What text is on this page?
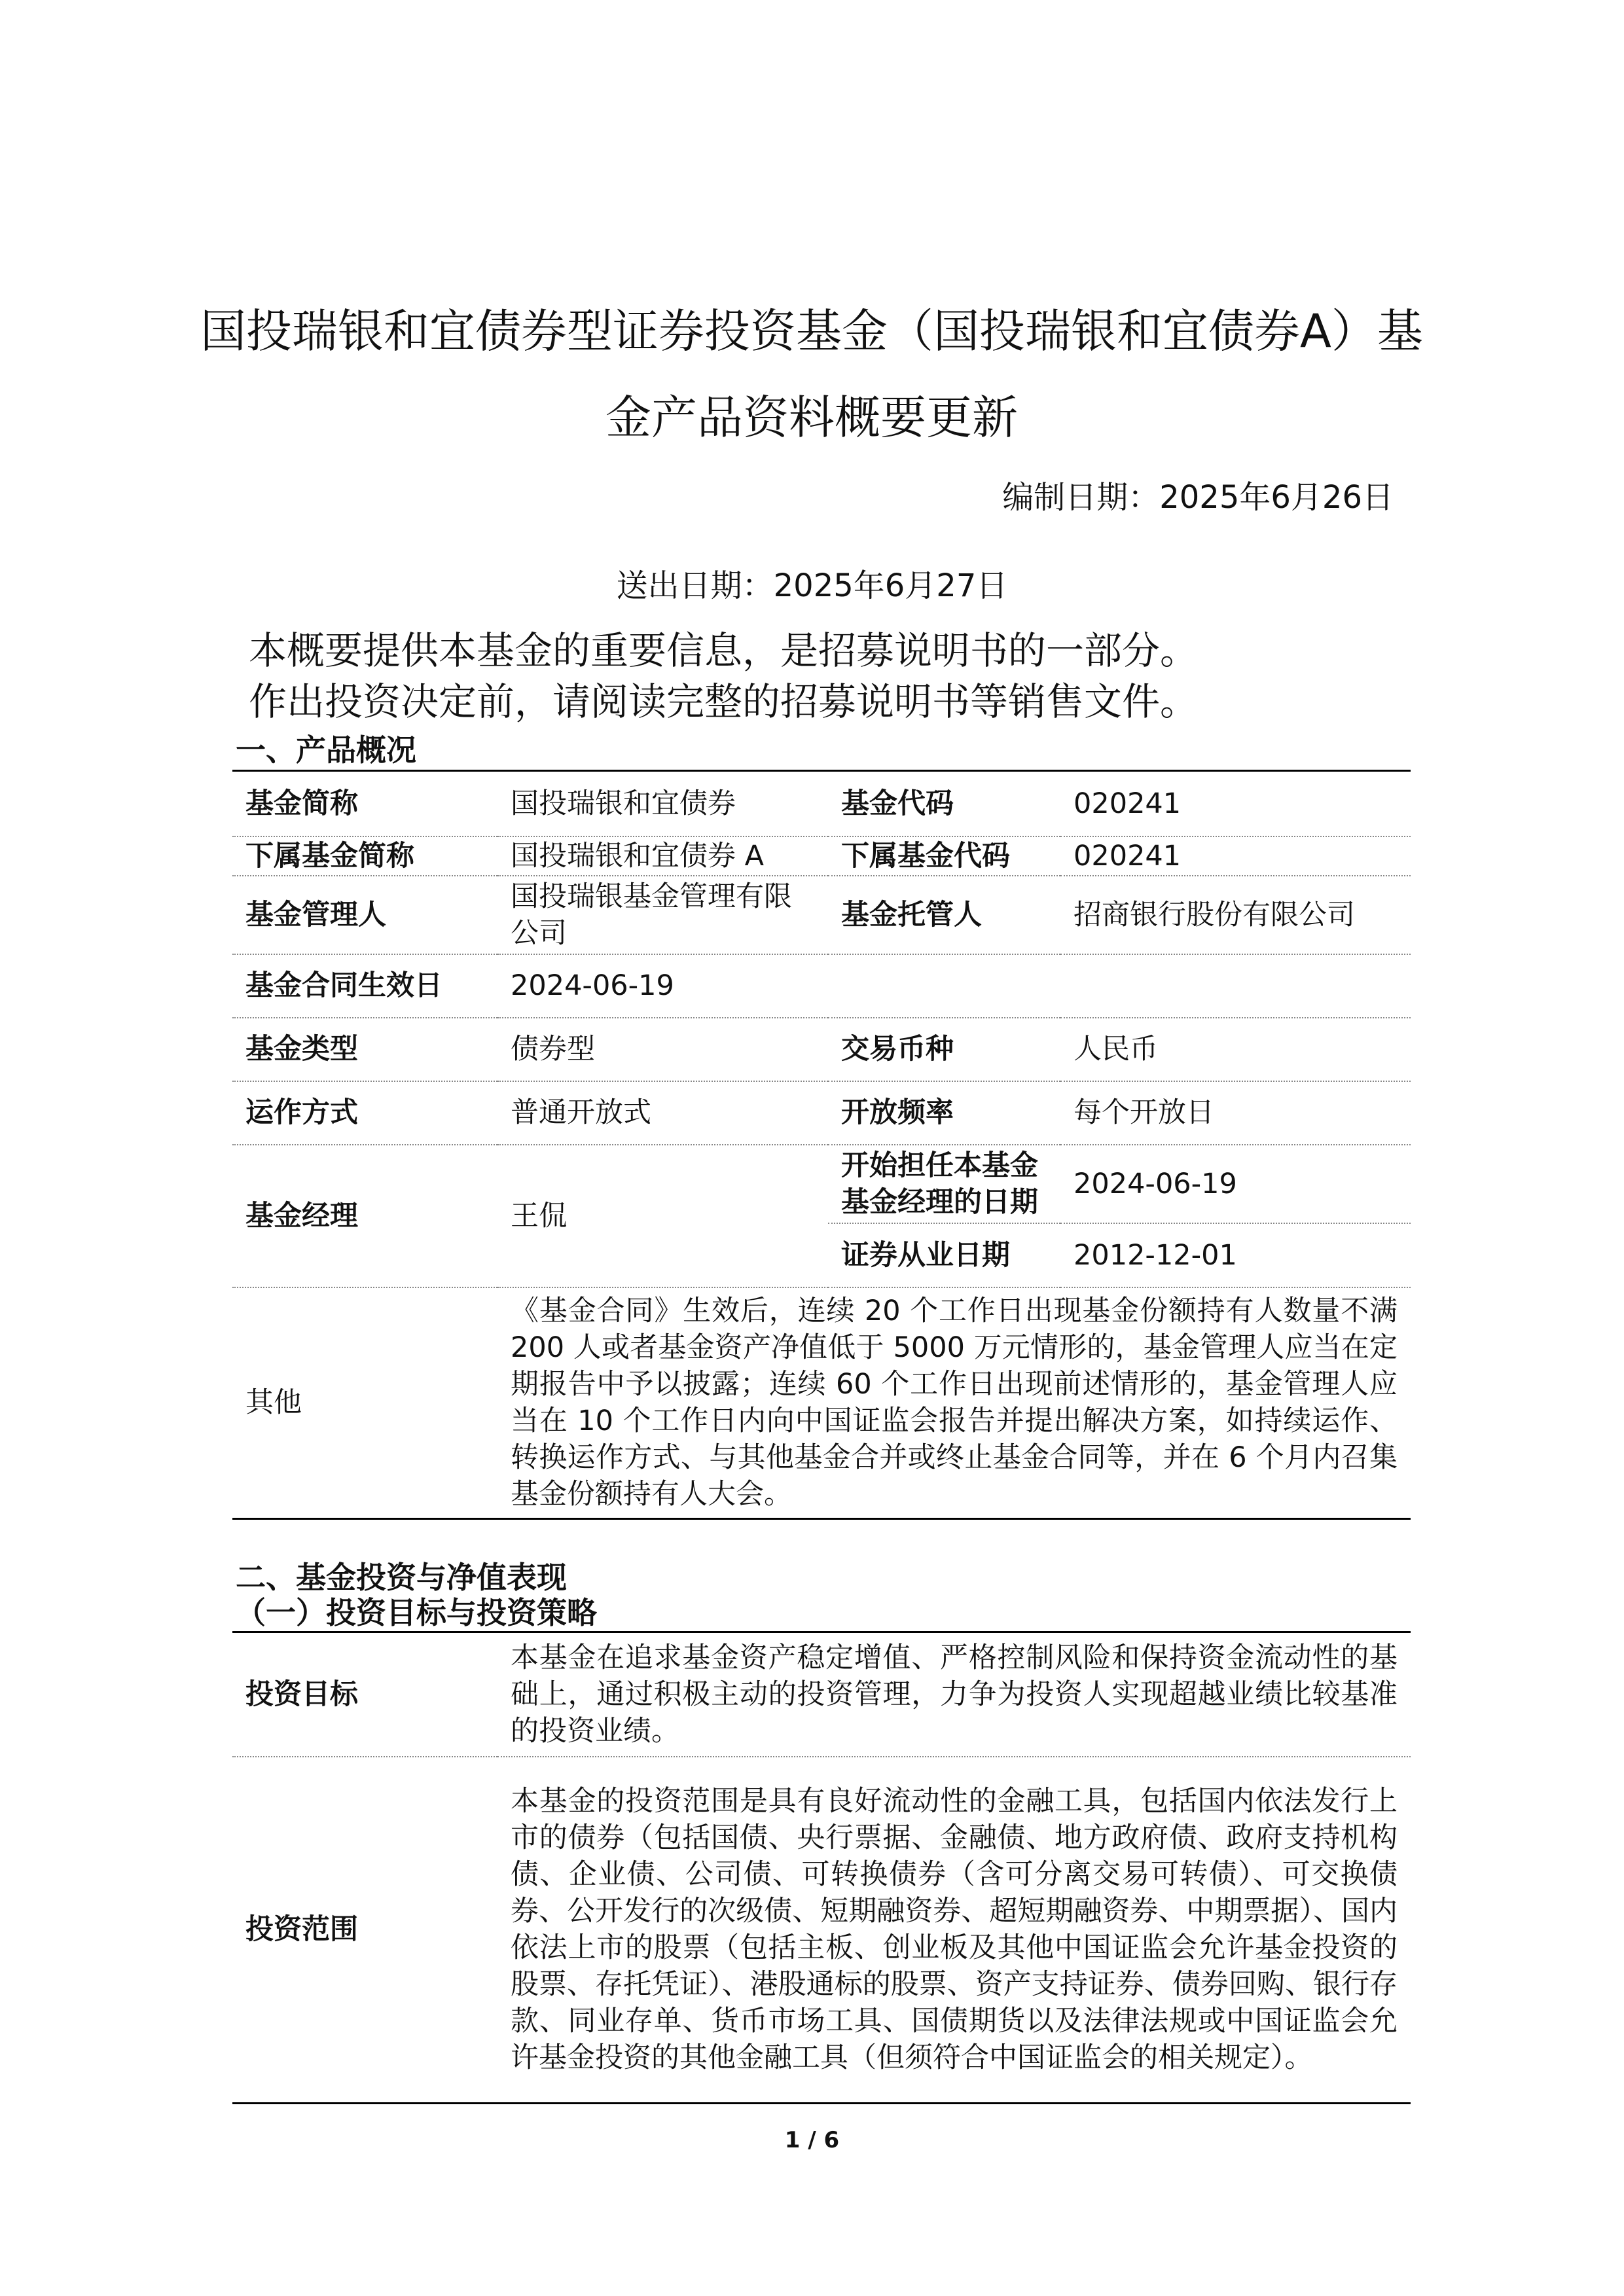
国投瑞银和宜债券型证券投资基金（国投瑞银和宜债券A）基金产品资料概要更新
编制日期：2025年6月26日
送出日期：2025年6月27日
本概要提供本基金的重要信息，是招募说明书的一部分。
作出投资决定前，请阅读完整的招募说明书等销售文件。
一、产品概况
基金简称	国投瑞银和宜债券	基金代码	020241
下属基金简称	国投瑞银和宜债券 A	下属基金代码	020241
基金管理人	国投瑞银基金管理有限公司	基金托管人	招商银行股份有限公司
基金合同生效日	2024-06-19		
基金类型	债券型	交易币种	人民币
运作方式	普通开放式	开放频率	每个开放日
基金经理	王侃	开始担任本基金基金经理的日期	2024-06-19
		证券从业日期	2012-12-01
其他	《基金合同》生效后，连续 20 个工作日出现基金份额持有人数量不满 200 人或者基金资产净值低于 5000 万元情形的，基金管理人应当在定期报告中予以披露；连续 60 个工作日出现前述情形的，基金管理人应当在 10 个工作日内向中国证监会报告并提出解决方案，如持续运作、转换运作方式、与其他基金合并或终止基金合同等，并在 6 个月内召集基金份额持有人大会。		
二、基金投资与净值表现
（一）投资目标与投资策略
投资目标	本基金在追求基金资产稳定增值、严格控制风险和保持资金流动性的基础上，通过积极主动的投资管理，力争为投资人实现超越业绩比较基准的投资业绩。
投资范围	本基金的投资范围是具有良好流动性的金融工具，包括国内依法发行上市的债券（包括国债、央行票据、金融债、地方政府债、政府支持机构债、企业债、公司债、可转换债券（含可分离交易可转债）、可交换债券、公开发行的次级债、短期融资券、超短期融资券、中期票据）、国内依法上市的股票（包括主板、创业板及其他中国证监会允许基金投资的股票、存托凭证）、港股通标的股票、资产支持证券、债券回购、银行存款、同业存单、货币市场工具、国债期货以及法律法规或中国证监会允许基金投资的其他金融工具（但须符合中国证监会的相关规定）。
1 / 6
